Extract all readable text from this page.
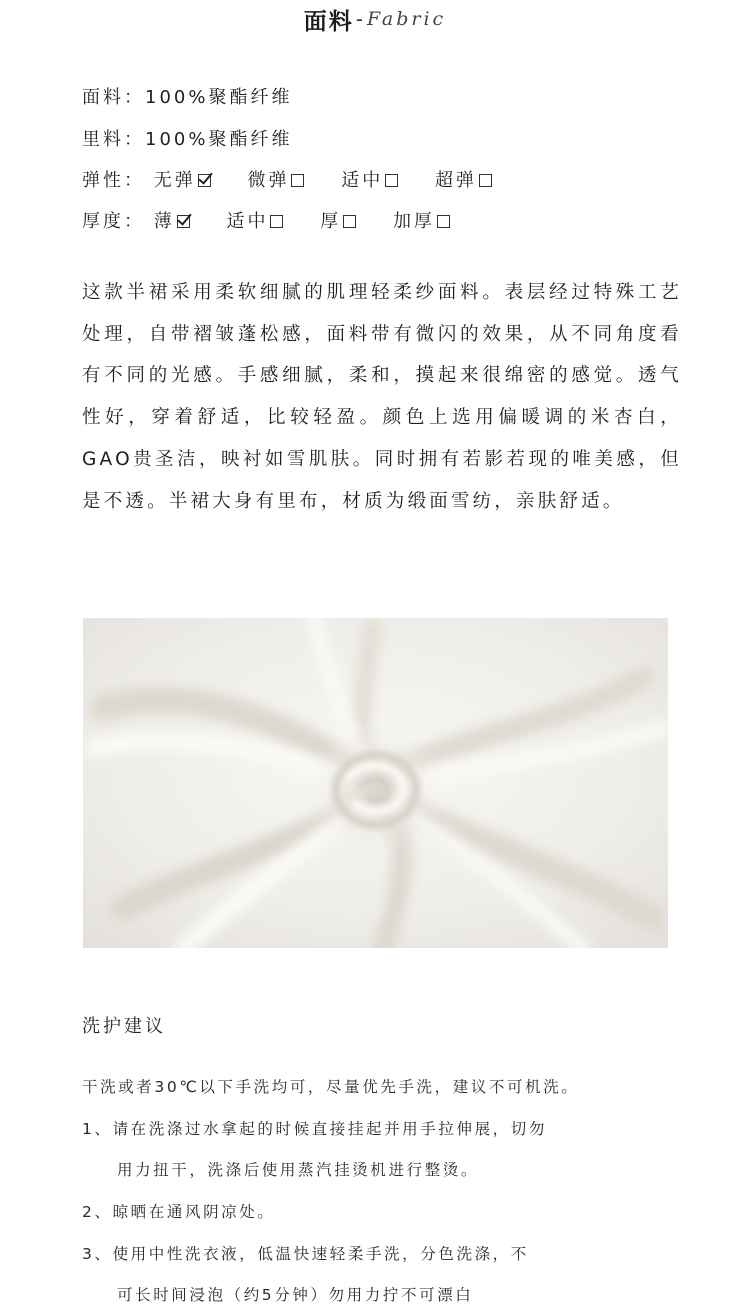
面料 - Fabric
面料：100%聚酯纤维
里料：100%聚酯纤维
弹性： 无弹	微弹	适中	超弹
厚度： 薄	适中	厚	加厚
这款半裙采用柔软细腻的肌理轻柔纱面料。表层经过特殊工艺处理，自带褶皱蓬松感，面料带有微闪的效果，从不同角度看有不同的光感。手感细腻，柔和，摸起来很绵密的感觉。透气性好，穿着舒适，比较轻盈。颜色上选用偏暖调的米杏白，GAO贵圣洁，映衬如雪肌肤。同时拥有若影若现的唯美感，但是不透。半裙大身有里布，材质为缎面雪纺，亲肤舒适。
洗护建议
干洗或者30℃以下手洗均可，尽量优先手洗，建议不可机洗。
1、请在洗涤过水拿起的时候直接挂起并用手拉伸展，切勿
用力扭干，洗涤后使用蒸汽挂烫机进行整烫。
2、晾晒在通风阴凉处。
3、使用中性洗衣液，低温快速轻柔手洗，分色洗涤，不
可长时间浸泡（约5分钟）勿用力拧不可漂白
